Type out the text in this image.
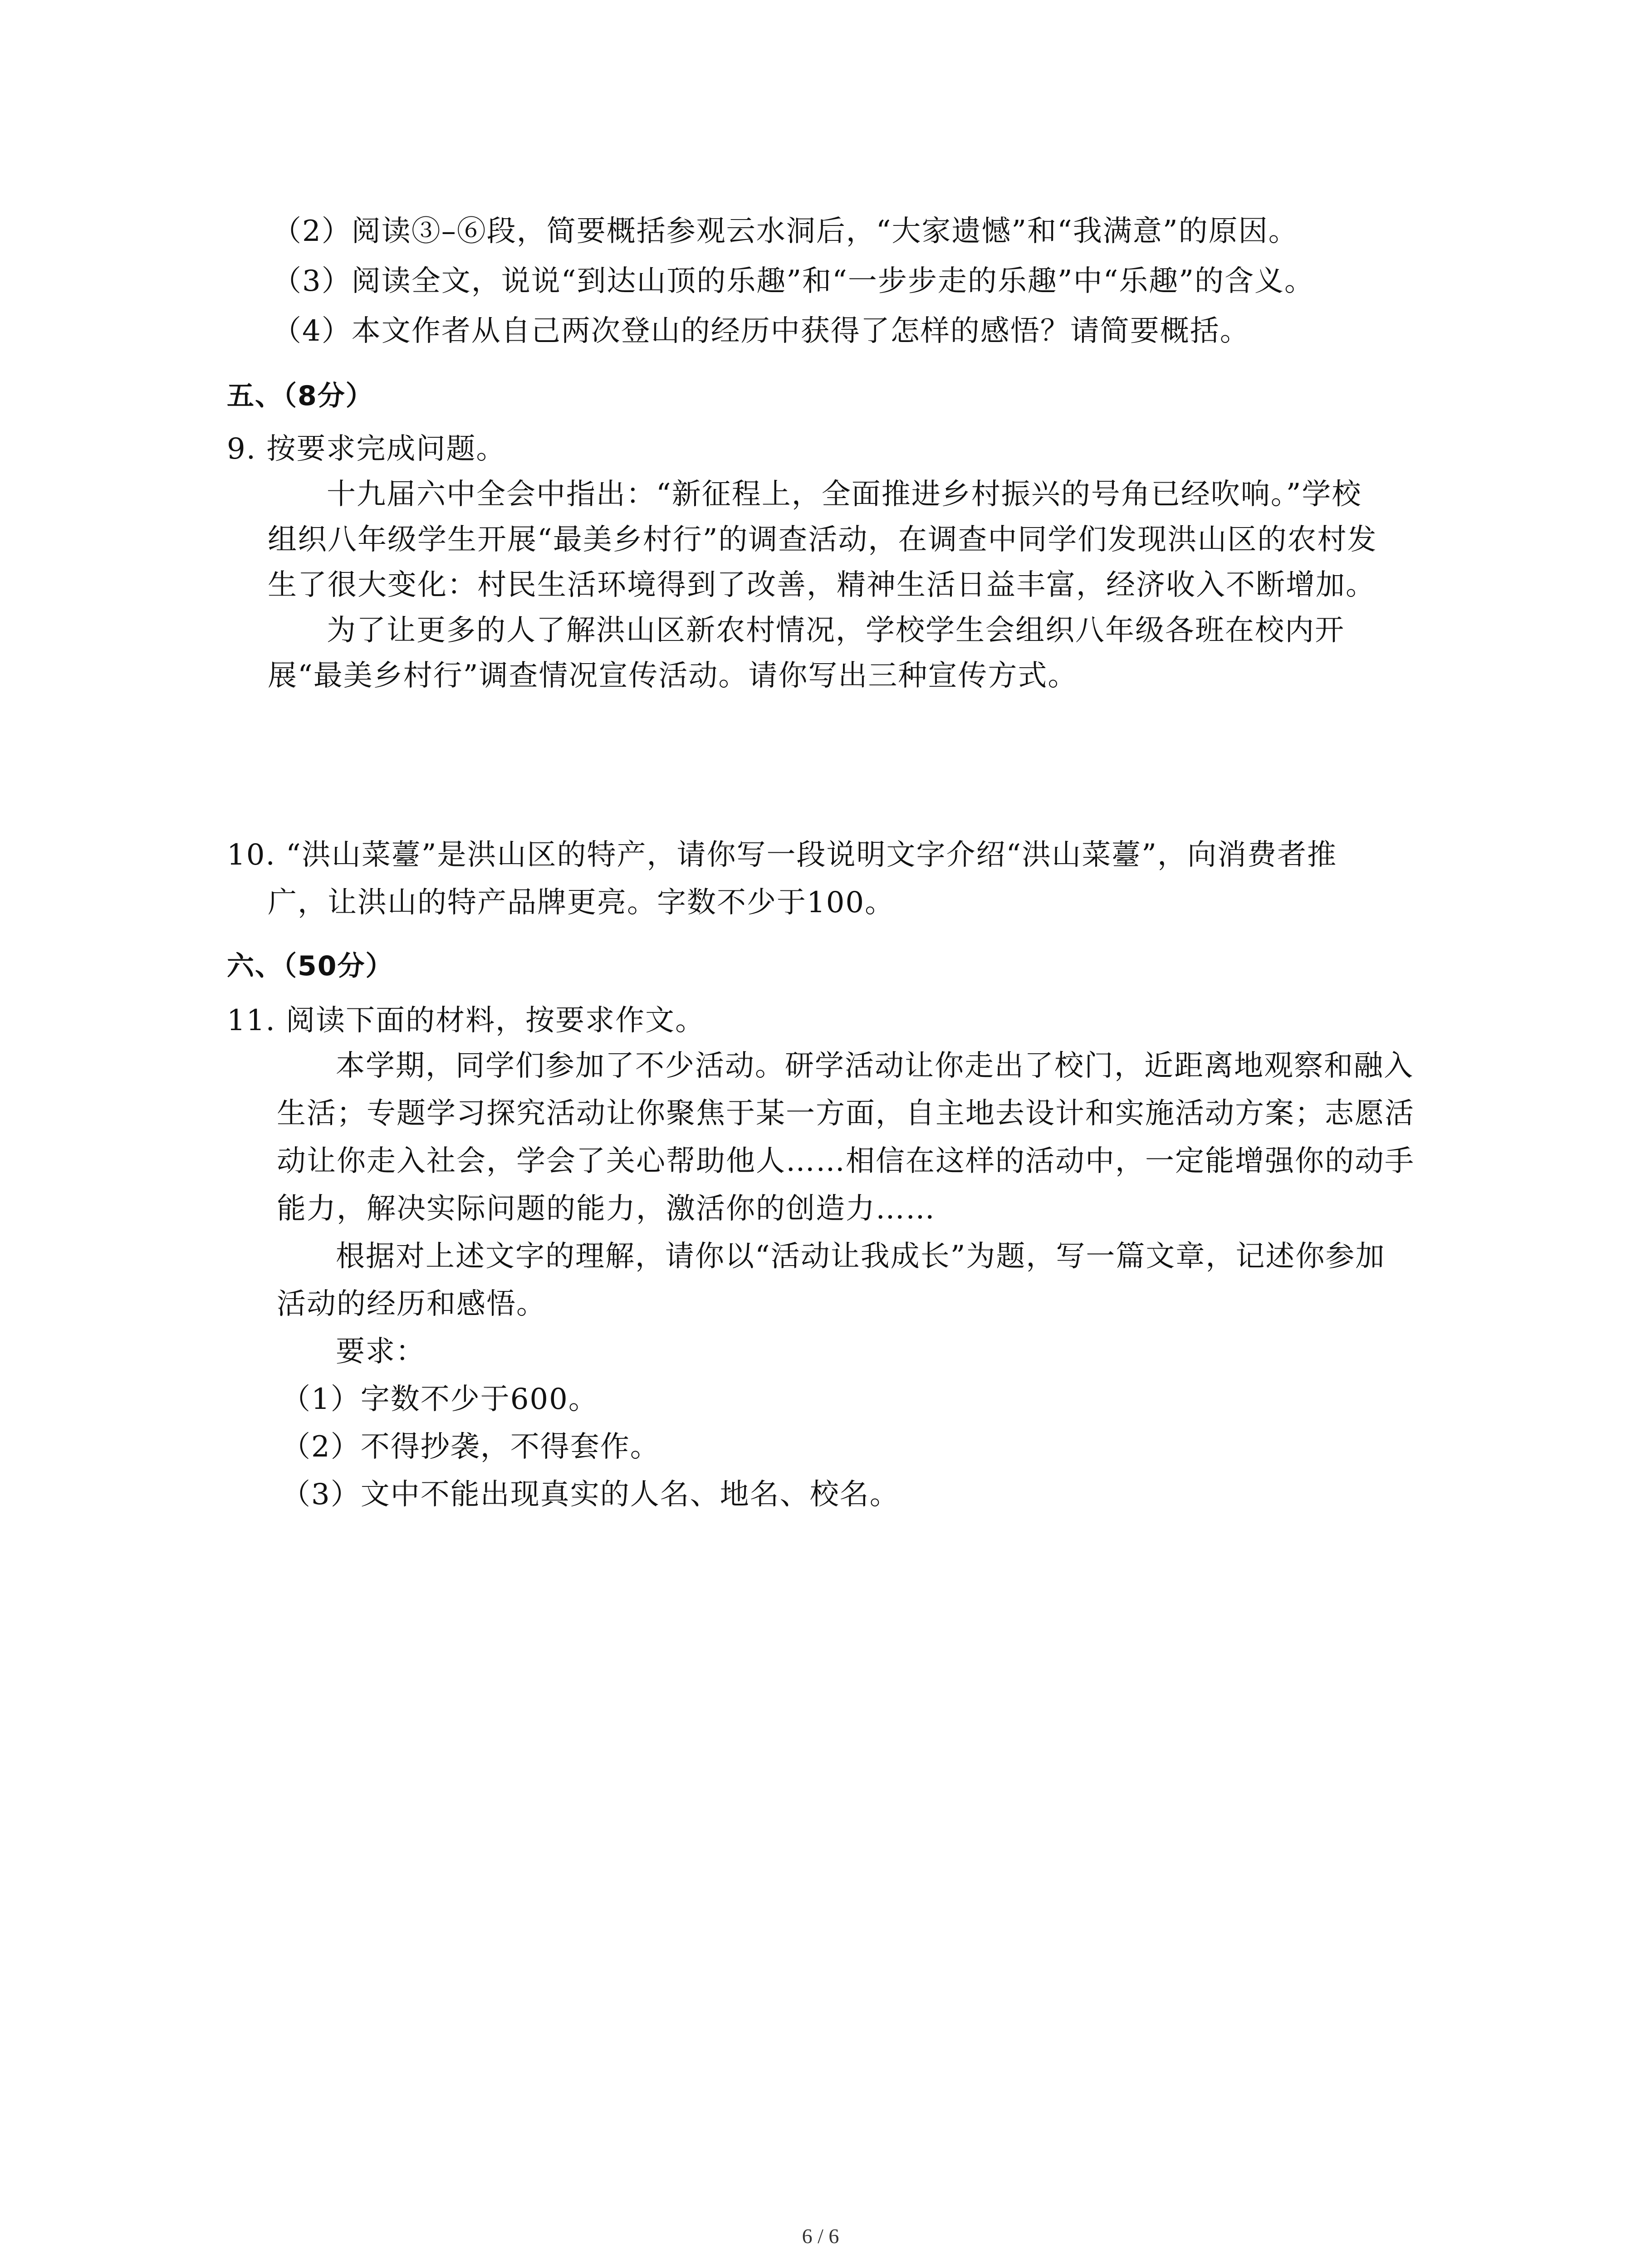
（2）阅读③–⑥段，简要概括参观云水洞后，“大家遗憾”和“我满意”的原因。
（3）阅读全文，说说“到达山顶的乐趣”和“一步步走的乐趣”中“乐趣”的含义。
（4）本文作者从自己两次登山的经历中获得了怎样的感悟？请简要概括。
五、（8分）
9. 按要求完成问题。
十九届六中全会中指出：“新征程上，全面推进乡村振兴的号角已经吹响。”学校
组织八年级学生开展“最美乡村行”的调查活动，在调查中同学们发现洪山区的农村发
生了很大变化：村民生活环境得到了改善，精神生活日益丰富，经济收入不断增加。
为了让更多的人了解洪山区新农村情况，学校学生会组织八年级各班在校内开
展“最美乡村行”调查情况宣传活动。请你写出三种宣传方式。
10. “洪山菜薹”是洪山区的特产，请你写一段说明文字介绍“洪山菜薹”，向消费者推
广，让洪山的特产品牌更亮。字数不少于100。
六、（50分）
11. 阅读下面的材料，按要求作文。
本学期，同学们参加了不少活动。研学活动让你走出了校门，近距离地观察和融入
生活；专题学习探究活动让你聚焦于某一方面，自主地去设计和实施活动方案；志愿活
动让你走入社会，学会了关心帮助他人……相信在这样的活动中，一定能增强你的动手
能力，解决实际问题的能力，激活你的创造力……
根据对上述文字的理解，请你以“活动让我成长”为题，写一篇文章，记述你参加
活动的经历和感悟。
要求：
（1）字数不少于600。
（2）不得抄袭，不得套作。
（3）文中不能出现真实的人名、地名、校名。
6 / 6
